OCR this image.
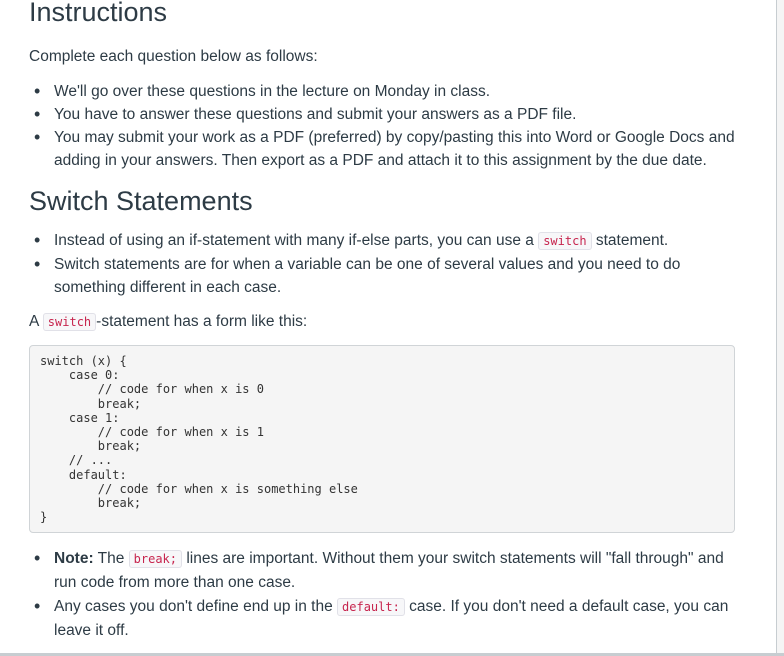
Instructions

Complete each question below as follows:

• We'll go over these questions in the lecture on Monday in class.
• You have to answer these questions and submit your answers as a PDF file.
• You may submit your work as a PDF (preferred) by copy/pasting this into Word or Google Docs and adding in your answers. Then export as a PDF and attach it to this assignment by the due date.
Switch Statements
• Instead of using an if-statement with many if-else parts, you can use a switch statement.
• Switch statements are for when a variable can be one of several values and you need to do something different in each case.

A switch -statement has a form like this:

switch (x) {
case 0:
// code for when x is 0
break;
case 1:
// code for when x is 1
break;
// ...
default:
// code for when x is something else
break;
}
• Note: The break; lines are important. Without them your switch statements will "fall through" and run code from more than one case.
• Any cases you don't define end up in the default: case. If you don't need a default case, you can leave it off.
